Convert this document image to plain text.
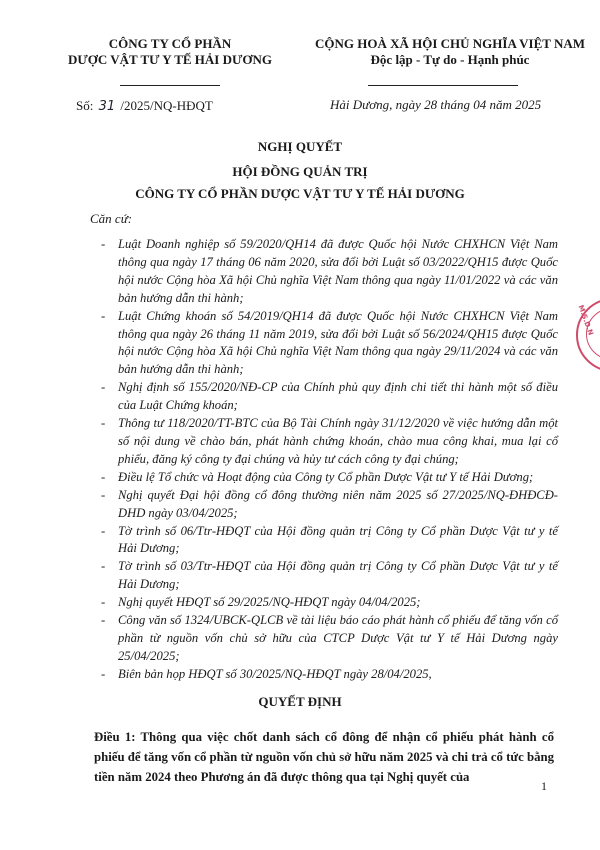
CÔNG TY CỔ PHẦN
DƯỢC VẬT TƯ Y TẾ HẢI DƯƠNG
CỘNG HOÀ XÃ HỘI CHỦ NGHĨA VIỆT NAM
Độc lập - Tự do - Hạnh phúc
Số: 31 /2025/NQ-HĐQT	Hải Dương, ngày 28 tháng 04 năm 2025
NGHỊ QUYẾT
HỘI ĐỒNG QUẢN TRỊ
CÔNG TY CỔ PHẦN DƯỢC VẬT TƯ Y TẾ HẢI DƯƠNG
Căn cứ:
- Luật Doanh nghiệp số 59/2020/QH14 đã được Quốc hội Nước CHXHCN Việt Nam thông qua ngày 17 tháng 06 năm 2020, sửa đổi bởi Luật số 03/2022/QH15 được Quốc hội nước Cộng hòa Xã hội Chủ nghĩa Việt Nam thông qua ngày 11/01/2022 và các văn bản hướng dẫn thi hành;
- Luật Chứng khoán số 54/2019/QH14 đã được Quốc hội Nước CHXHCN Việt Nam thông qua ngày 26 tháng 11 năm 2019, sửa đổi bởi Luật số 56/2024/QH15 được Quốc hội nước Cộng hòa Xã hội Chủ nghĩa Việt Nam thông qua ngày 29/11/2024 và các văn bản hướng dẫn thi hành;
- Nghị định số 155/2020/NĐ-CP của Chính phủ quy định chi tiết thi hành một số điều của Luật Chứng khoán;
- Thông tư 118/2020/TT-BTC của Bộ Tài Chính ngày 31/12/2020 về việc hướng dẫn một số nội dung về chào bán, phát hành chứng khoán, chào mua công khai, mua lại cổ phiếu, đăng ký công ty đại chúng và hủy tư cách công ty đại chúng;
- Điều lệ Tổ chức và Hoạt động của Công ty Cổ phần Dược Vật tư Y tế Hải Dương;
- Nghị quyết Đại hội đồng cổ đông thường niên năm 2025 số 27/2025/NQ-ĐHĐCĐ-DHD ngày 03/04/2025;
- Tờ trình số 06/Ttr-HĐQT của Hội đồng quản trị Công ty Cổ phần Dược Vật tư y tế Hải Dương;
- Tờ trình số 03/Ttr-HĐQT của Hội đồng quản trị Công ty Cổ phần Dược Vật tư y tế Hải Dương;
- Nghị quyết HĐQT số 29/2025/NQ-HĐQT ngày 04/04/2025;
- Công văn số 1324/UBCK-QLCB về tài liệu báo cáo phát hành cổ phiếu để tăng vốn cổ phần từ nguồn vốn chủ sở hữu của CTCP Dược Vật tư Y tế Hải Dương ngày 25/04/2025;
- Biên bản họp HĐQT số 30/2025/NQ-HĐQT ngày 28/04/2025,
QUYẾT ĐỊNH
Điều 1: Thông qua việc chốt danh sách cổ đông để nhận cổ phiếu phát hành cổ phiếu để tăng vốn cổ phần từ nguồn vốn chủ sở hữu năm 2025 và chi trả cổ tức bằng tiền năm 2024 theo Phương án đã được thông qua tại Nghị quyết của
1
M.S.D.N
